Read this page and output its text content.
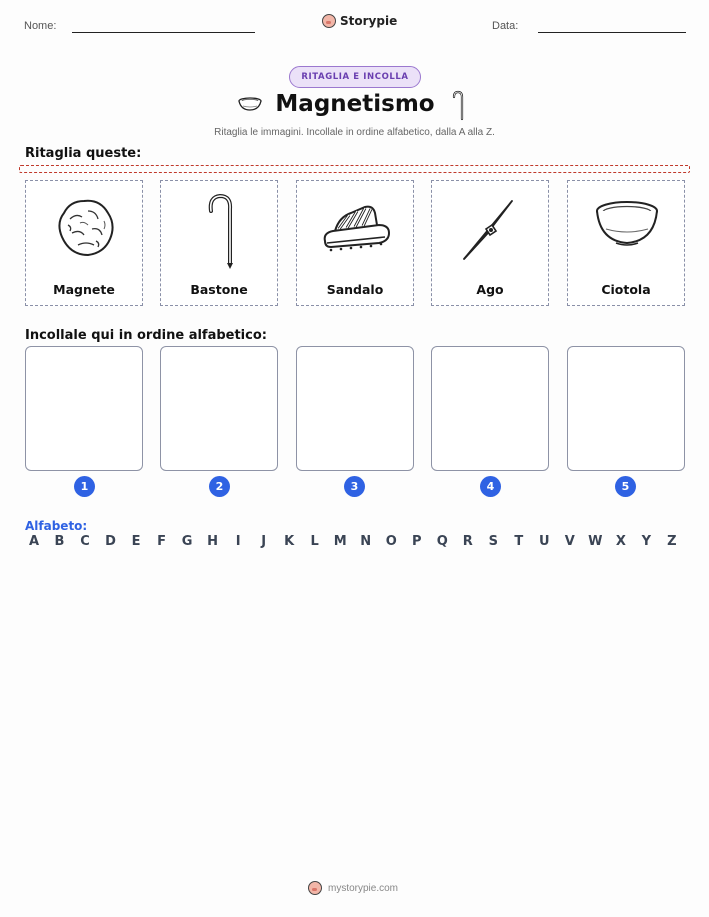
Nome:	Storypie	Data:
RITAGLIA E INCOLLA
Magnetismo
Ritaglia le immagini. Incollale in ordine alfabetico, dalla A alla Z.
Ritaglia queste:
Magnete	Bastone	Sandalo	Ago	Ciotola
Incollale qui in ordine alfabetico:
1	2	3	4	5
Alfabeto:
A B C D E F G H	I	J	K L M N O P Q R S T U V W X Y Z
mystorypie.com
